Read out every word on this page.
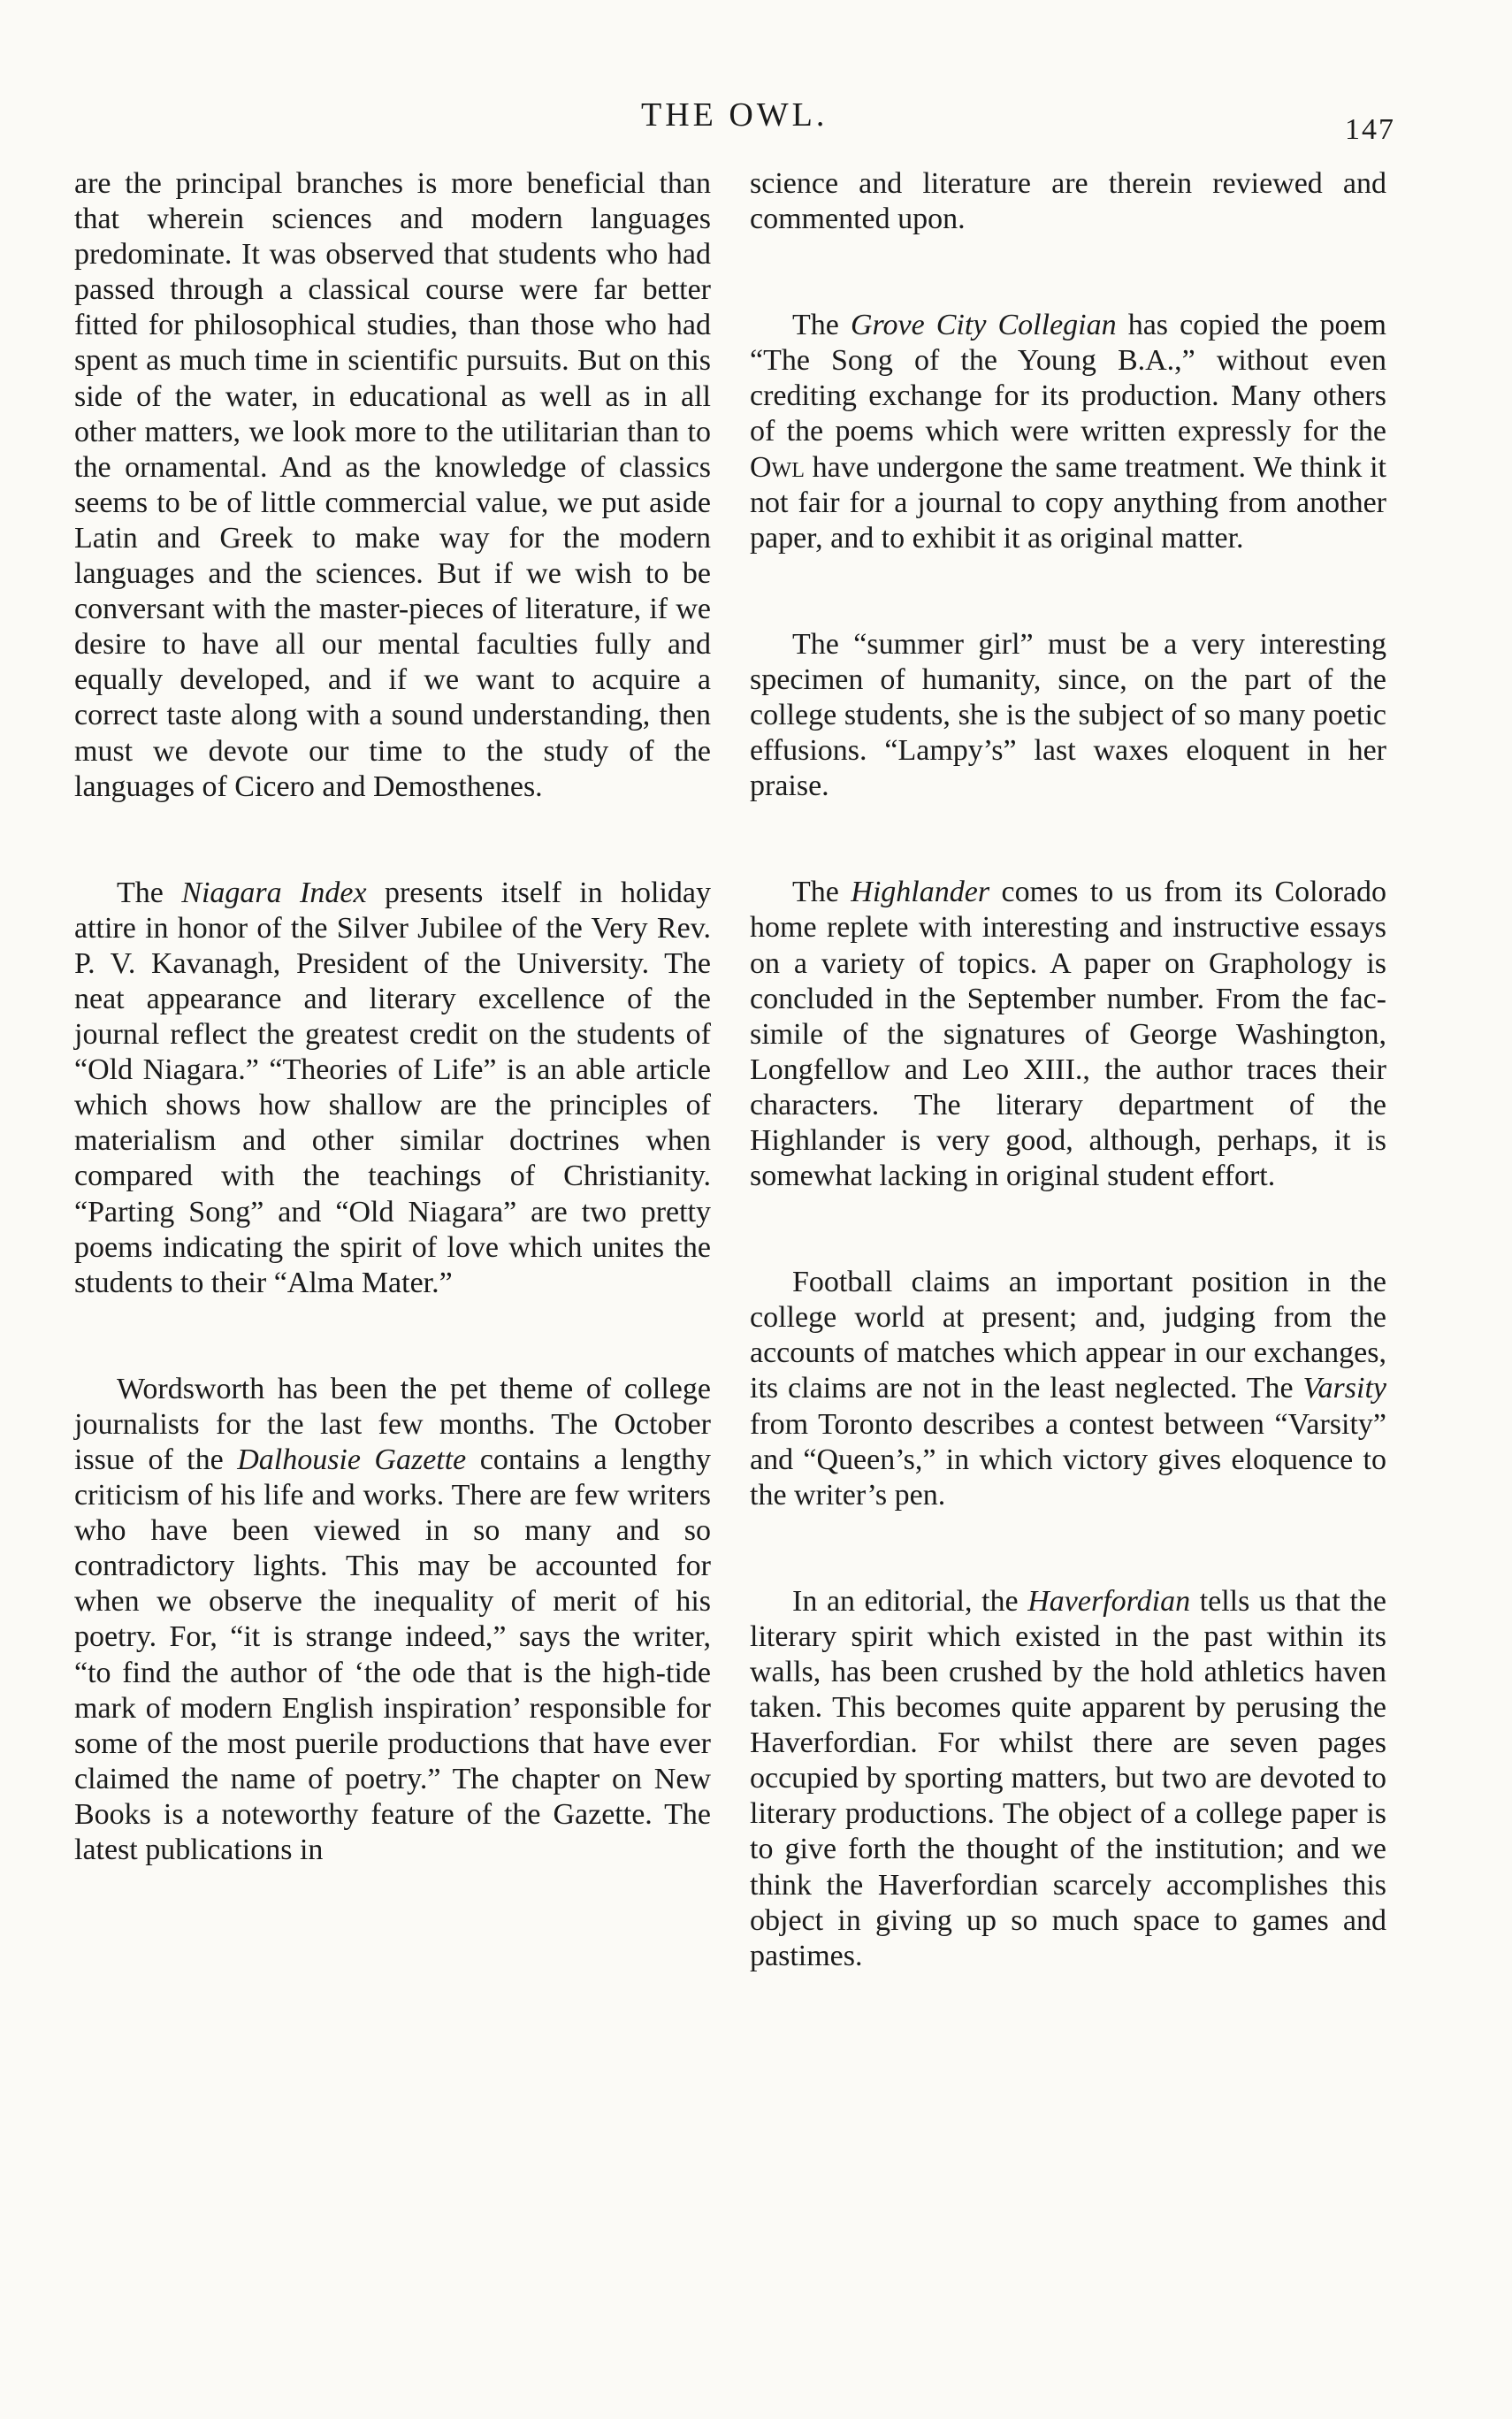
THE OWL.	147

are the principal branches is more beneficial than that wherein sciences and modern languages predominate. It was observed that students who had passed through a classical course were far better fitted for philosophical studies, than those who had spent as much time in scientific pursuits. But on this side of the water, in educational as well as in all other matters, we look more to the utilitarian than to the ornamental. And as the knowledge of classics seems to be of little commercial value, we put aside Latin and Greek to make way for the modern languages and the sciences. But if we wish to be conversant with the master-pieces of literature, if we desire to have all our mental faculties fully and equally developed, and if we want to acquire a correct taste along with a sound understanding, then must we devote our time to the study of the languages of Cicero and Demosthenes.

The Niagara Index presents itself in holiday attire in honor of the Silver Jubilee of the Very Rev. P. V. Kavanagh, President of the University. The neat appearance and literary excellence of the journal reflect the greatest credit on the students of “Old Niagara.” “Theories of Life” is an able article which shows how shallow are the principles of materialism and other similar doctrines when compared with the teachings of Christianity. “Parting Song” and “Old Niagara” are two pretty poems indicating the spirit of love which unites the students to their “Alma Mater.”

Wordsworth has been the pet theme of college journalists for the last few months. The October issue of the Dalhousie Gazette contains a lengthy criticism of his life and works. There are few writers who have been viewed in so many and so contradictory lights. This may be accounted for when we observe the inequality of merit of his poetry. For, “it is strange indeed,” says the writer, “to find the author of ‘the ode that is the high-tide mark of modern English inspiration’ responsible for some of the most puerile productions that have ever claimed the name of poetry.” The chapter on New Books is a noteworthy feature of the Gazette. The latest publications in

science and literature are therein reviewed and commented upon.

The Grove City Collegian has copied the poem “The Song of the Young B.A.,” without even crediting exchange for its production. Many others of the poems which were written expressly for the Owl have undergone the same treatment. We think it not fair for a journal to copy anything from another paper, and to exhibit it as original matter.

The “summer girl” must be a very interesting specimen of humanity, since, on the part of the college students, she is the subject of so many poetic effusions. “Lampy’s” last waxes eloquent in her praise.

The Highlander comes to us from its Colorado home replete with interesting and instructive essays on a variety of topics. A paper on Graphology is concluded in the September number. From the fac-simile of the signatures of George Washington, Longfellow and Leo XIII., the author traces their characters. The literary department of the Highlander is very good, although, perhaps, it is somewhat lacking in original student effort.

Football claims an important position in the college world at present; and, judging from the accounts of matches which appear in our exchanges, its claims are not in the least neglected. The Varsity from Toronto describes a contest between “Varsity” and “Queen’s,” in which victory gives eloquence to the writer’s pen.

In an editorial, the Haverfordian tells us that the literary spirit which existed in the past within its walls, has been crushed by the hold athletics haven taken. This becomes quite apparent by perusing the Haverfordian. For whilst there are seven pages occupied by sporting matters, but two are devoted to literary productions. The object of a college paper is to give forth the thought of the institution; and we think the Haverfordian scarcely accomplishes this object in giving up so much space to games and pastimes.
